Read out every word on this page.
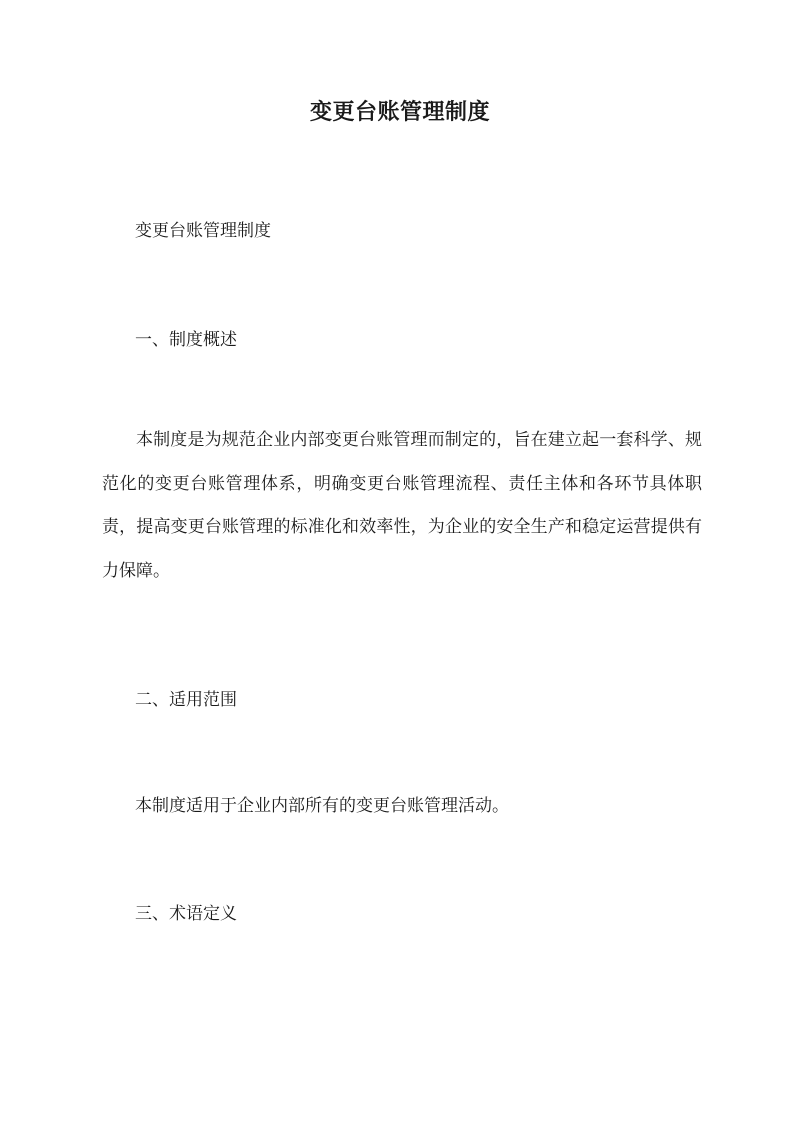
变更台账管理制度

变更台账管理制度

一、制度概述

本制度是为规范企业内部变更台账管理而制定的，旨在建立起一套科学、规范化的变更台账管理体系，明确变更台账管理流程、责任主体和各环节具体职责，提高变更台账管理的标准化和效率性，为企业的安全生产和稳定运营提供有力保障。

二、适用范围

本制度适用于企业内部所有的变更台账管理活动。

三、术语定义
